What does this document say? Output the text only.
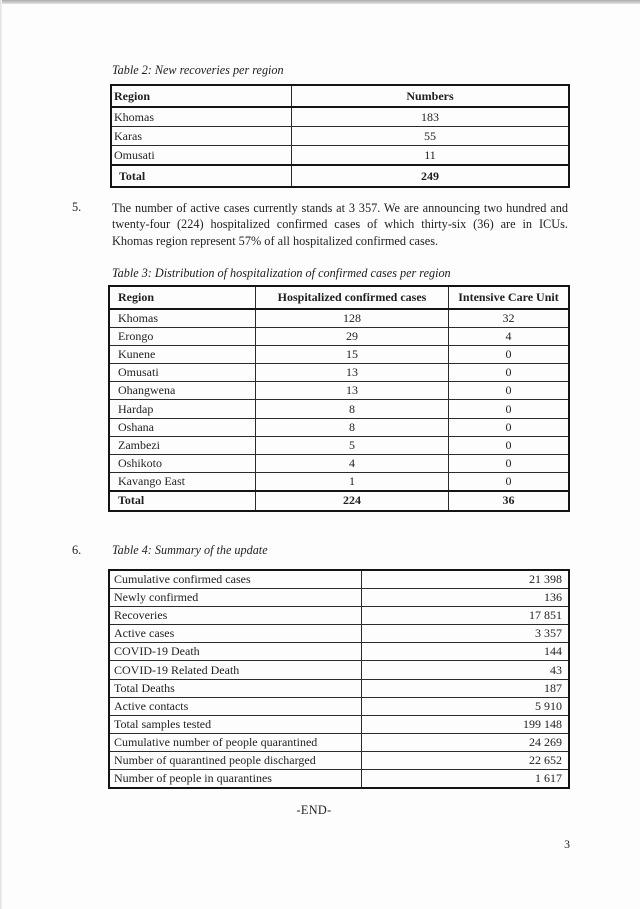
Table 2: New recoveries per region
Region	Numbers
Khomas	183
Karas	55
Omusati	11
Total	249
5.	The number of active cases currently stands at 3 357. We are announcing two hundred and twenty-four (224) hospitalized confirmed cases of which thirty-six (36) are in ICUs. Khomas region represent 57% of all hospitalized confirmed cases.

Table 3: Distribution of hospitalization of confirmed cases per region
Region	Hospitalized confirmed cases	Intensive Care Unit
Khomas	128	32
Erongo	29	4
Kunene	15	0
Omusati	13	0
Ohangwena	13	0
Hardap	8	0
Oshana	8	0
Zambezi	5	0
Oshikoto	4	0
Kavango East	1	0
Total	224	36
6.	Table 4: Summary of the update
Cumulative confirmed cases	21 398
Newly confirmed	136
Recoveries	17 851
Active cases	3 357
COVID-19 Death	144
COVID-19 Related Death	43
Total Deaths	187
Active contacts	5 910
Total samples tested	199 148
Cumulative number of people quarantined	24 269
Number of quarantined people discharged	22 652
Number of people in quarantines	1 617
-END-
3
